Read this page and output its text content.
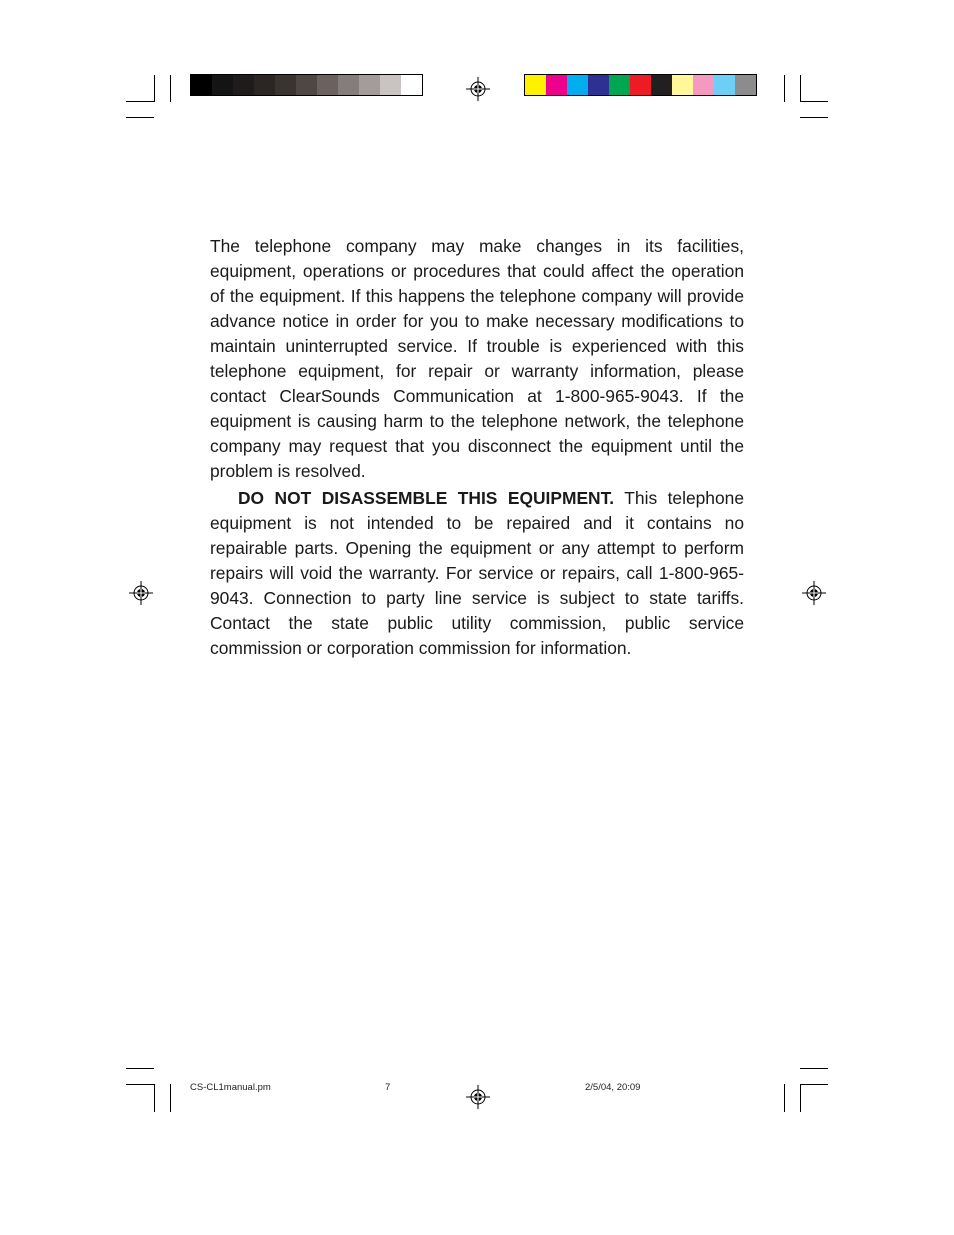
The telephone company may make changes in its facilities, equipment, operations or procedures that could affect the operation of the equipment. If this happens the telephone company will provide advance notice in order for you to make necessary modifications to maintain uninterrupted service. If trouble is experienced with this telephone equipment, for repair or warranty information, please contact ClearSounds Communication at 1-800-965-9043. If the equipment is causing harm to the telephone network, the telephone company may request that you disconnect the equipment until the problem is resolved.

DO NOT DISASSEMBLE THIS EQUIPMENT. This telephone equipment is not intended to be repaired and it contains no repairable parts. Opening the equipment or any attempt to perform repairs will void the warranty. For service or repairs, call 1-800-965-9043. Connection to party line service is subject to state tariffs. Contact the state public utility commission, public service commission or corporation commission for information.

CS-CL1manual.pm	7	2/5/04, 20:09
